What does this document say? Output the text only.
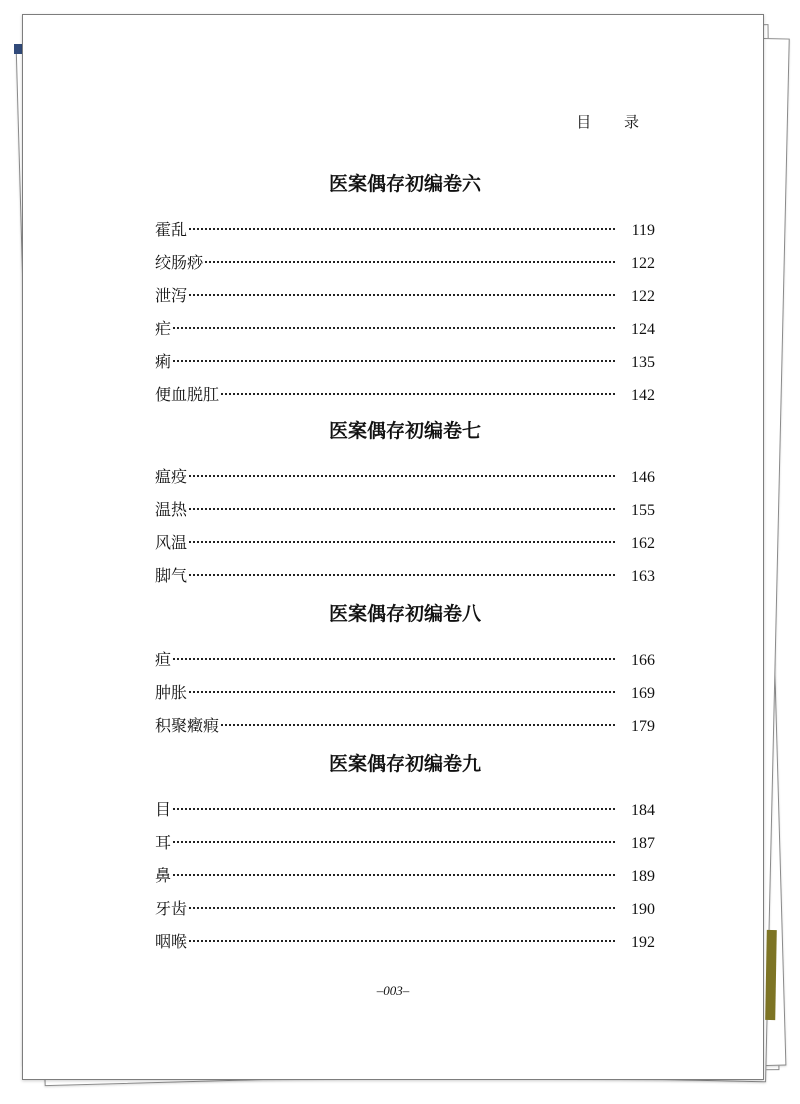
目 录
医案偶存初编卷六
霍乱	119
绞肠痧	122
泄泻	122
疟	124
痢	135
便血脱肛	142
医案偶存初编卷七
瘟疫	146
温热	155
风温	162
脚气	163
医案偶存初编卷八
疸	166
肿胀	169
积聚癥瘕	179
医案偶存初编卷九
目	184
耳	187
鼻	189
牙齿	190
咽喉	192
–003–
